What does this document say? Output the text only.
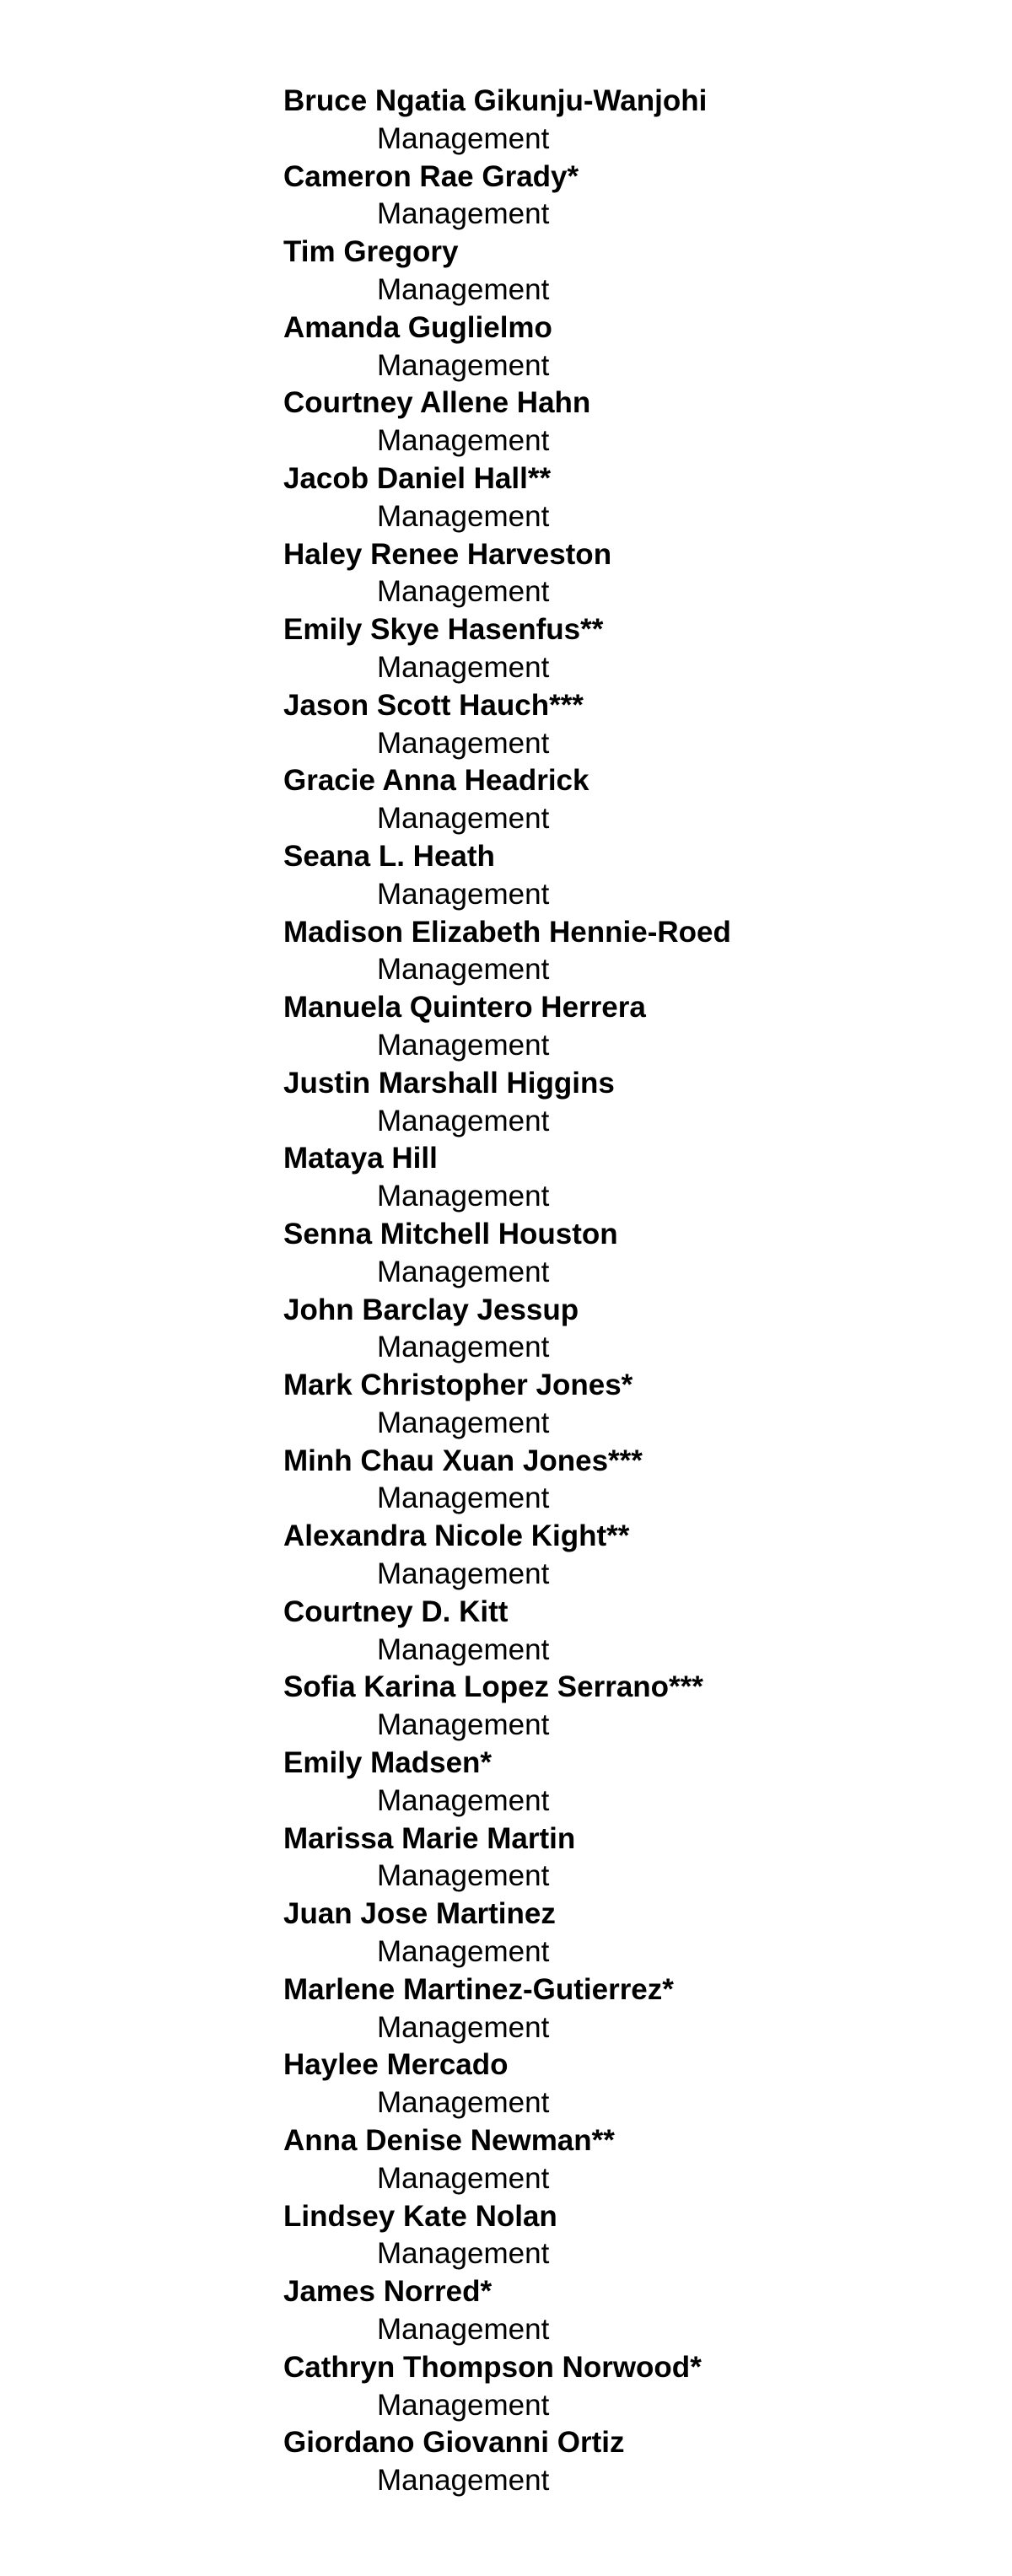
Bruce Ngatia Gikunju-Wanjohi
Management
Cameron Rae Grady*
Management
Tim Gregory
Management
Amanda Guglielmo
Management
Courtney Allene Hahn
Management
Jacob Daniel Hall**
Management
Haley Renee Harveston
Management
Emily Skye Hasenfus**
Management
Jason Scott Hauch***
Management
Gracie Anna Headrick
Management
Seana L. Heath
Management
Madison Elizabeth Hennie-Roed
Management
Manuela Quintero Herrera
Management
Justin Marshall Higgins
Management
Mataya Hill
Management
Senna Mitchell Houston
Management
John Barclay Jessup
Management
Mark Christopher Jones*
Management
Minh Chau Xuan Jones***
Management
Alexandra Nicole Kight**
Management
Courtney D. Kitt
Management
Sofia Karina Lopez Serrano***
Management
Emily Madsen*
Management
Marissa Marie Martin
Management
Juan Jose Martinez
Management
Marlene Martinez-Gutierrez*
Management
Haylee Mercado
Management
Anna Denise Newman**
Management
Lindsey Kate Nolan
Management
James Norred*
Management
Cathryn Thompson Norwood*
Management
Giordano Giovanni Ortiz
Management
